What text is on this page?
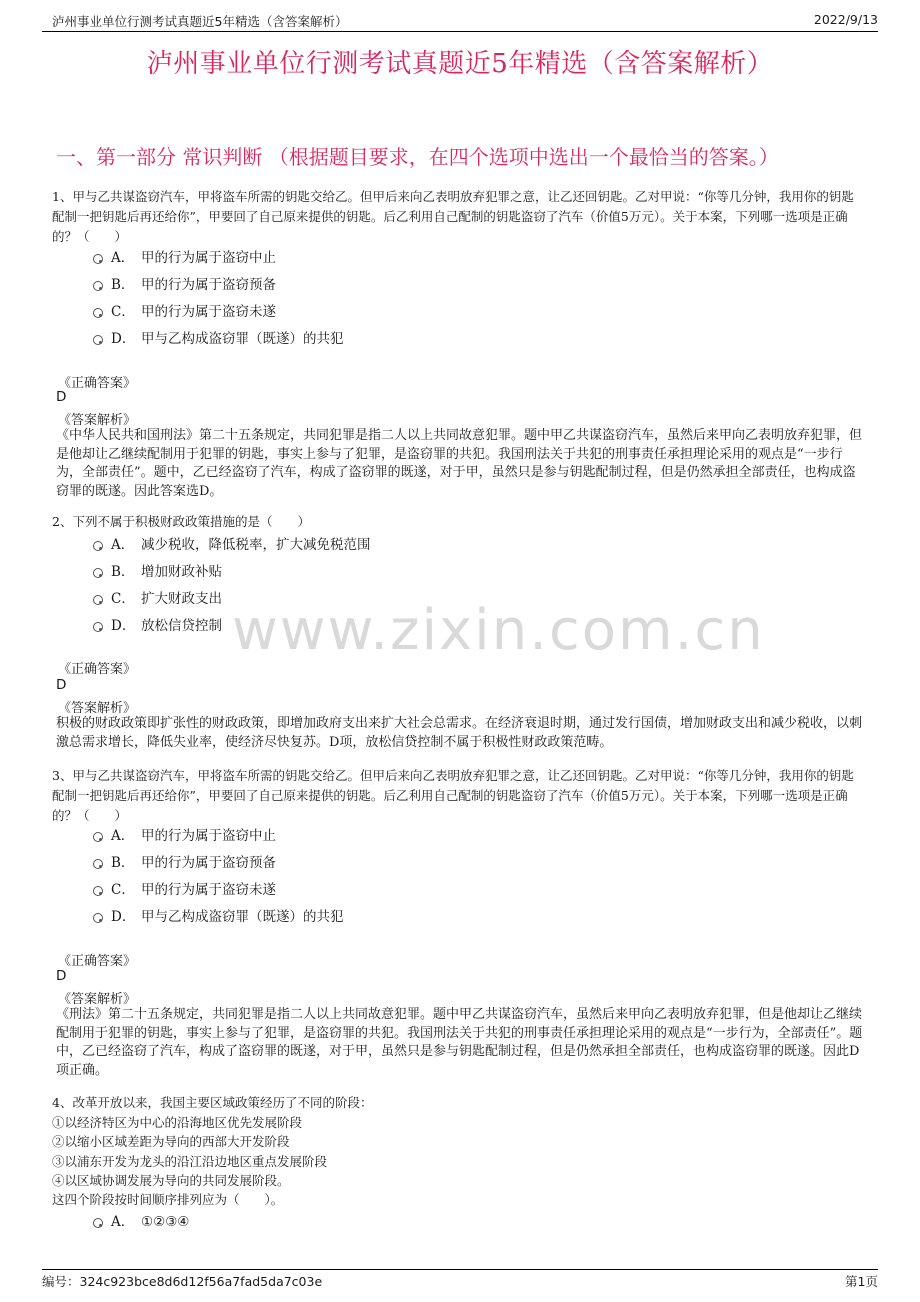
泸州事业单位行测考试真题近5年精选（含答案解析）	2022/9/13
泸州事业单位行测考试真题近5年精选（含答案解析）
一、第一部分 常识判断 （根据题目要求，在四个选项中选出一个最恰当的答案。）
www.zixin.com.cn
1、甲与乙共谋盗窃汽车，甲将盗车所需的钥匙交给乙。但甲后来向乙表明放弃犯罪之意，让乙还回钥匙。乙对甲说：“你等几分钟，我用你的钥匙配制一把钥匙后再还给你”，甲要回了自己原来提供的钥匙。后乙利用自己配制的钥匙盗窃了汽车（价值5万元）。关于本案，下列哪一选项是正确的？（　　）
A． 甲的行为属于盗窃中止
B． 甲的行为属于盗窃预备
C． 甲的行为属于盗窃未遂
D． 甲与乙构成盗窃罪（既遂）的共犯
《正确答案》
D
《答案解析》
《中华人民共和国刑法》第二十五条规定，共同犯罪是指二人以上共同故意犯罪。题中甲乙共谋盗窃汽车，虽然后来甲向乙表明放弃犯罪，但是他却让乙继续配制用于犯罪的钥匙，事实上参与了犯罪，是盗窃罪的共犯。我国刑法关于共犯的刑事责任承担理论采用的观点是“一步行为，全部责任”。题中，乙已经盗窃了汽车，构成了盗窃罪的既遂，对于甲，虽然只是参与钥匙配制过程，但是仍然承担全部责任，也构成盗窃罪的既遂。因此答案选D。
2、下列不属于积极财政政策措施的是（　　）
A． 减少税收，降低税率，扩大减免税范围
B． 增加财政补贴
C． 扩大财政支出
D． 放松信贷控制
《正确答案》
D
《答案解析》
积极的财政政策即扩张性的财政政策，即增加政府支出来扩大社会总需求。在经济衰退时期，通过发行国债，增加财政支出和减少税收，以刺激总需求增长，降低失业率，使经济尽快复苏。D项，放松信贷控制不属于积极性财政政策范畴。
3、甲与乙共谋盗窃汽车，甲将盗车所需的钥匙交给乙。但甲后来向乙表明放弃犯罪之意，让乙还回钥匙。乙对甲说：“你等几分钟，我用你的钥匙配制一把钥匙后再还给你”，甲要回了自己原来提供的钥匙。后乙利用自己配制的钥匙盗窃了汽车（价值5万元）。关于本案，下列哪一选项是正确的？（　　）
A． 甲的行为属于盗窃中止
B． 甲的行为属于盗窃预备
C． 甲的行为属于盗窃未遂
D． 甲与乙构成盗窃罪（既遂）的共犯
《正确答案》
D
《答案解析》
《刑法》第二十五条规定，共同犯罪是指二人以上共同故意犯罪。题中甲乙共谋盗窃汽车，虽然后来甲向乙表明放弃犯罪，但是他却让乙继续配制用于犯罪的钥匙，事实上参与了犯罪，是盗窃罪的共犯。我国刑法关于共犯的刑事责任承担理论采用的观点是“一步行为，全部责任”。题中，乙已经盗窃了汽车，构成了盗窃罪的既遂，对于甲，虽然只是参与钥匙配制过程，但是仍然承担全部责任，也构成盗窃罪的既遂。因此D项正确。
4、改革开放以来，我国主要区域政策经历了不同的阶段：
①以经济特区为中心的沿海地区优先发展阶段
②以缩小区域差距为导向的西部大开发阶段
③以浦东开发为龙头的沿江沿边地区重点发展阶段
④以区域协调发展为导向的共同发展阶段。
这四个阶段按时间顺序排列应为（　　）。
A． ①②③④
编号：324c923bce8d6d12f56a7fad5da7c03e	第1页
